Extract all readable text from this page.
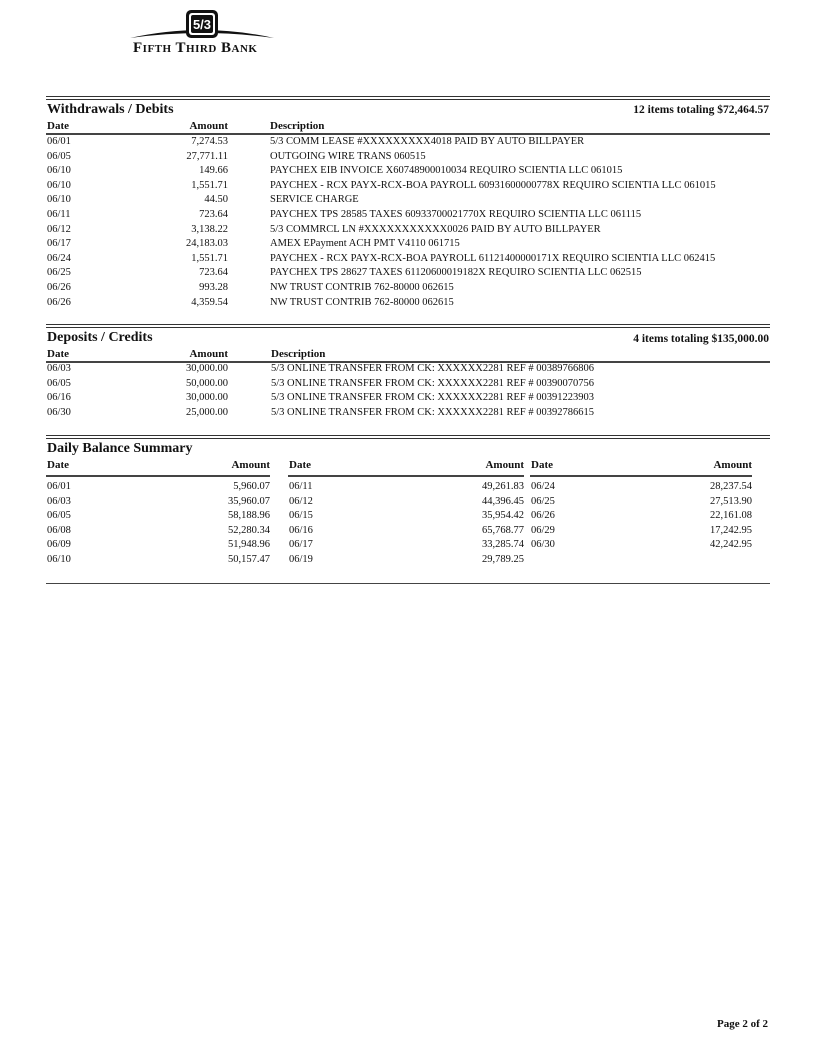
5/3
Fifth Third Bank
Withdrawals / Debits	12 items totaling $72,464.57
Date	Amount	Description
06/01	7,274.53	5/3 COMM LEASE #XXXXXXXXX4018 PAID BY AUTO BILLPAYER
06/05	27,771.11	OUTGOING WIRE TRANS 060515
06/10	149.66	PAYCHEX EIB INVOICE X60748900010034 REQUIRO SCIENTIA LLC 061015
06/10	1,551.71	PAYCHEX - RCX PAYX-RCX-BOA PAYROLL 60931600000778X REQUIRO SCIENTIA LLC 061015
06/10	44.50	SERVICE CHARGE
06/11	723.64	PAYCHEX TPS 28585 TAXES 60933700021770X REQUIRO SCIENTIA LLC 061115
06/12	3,138.22	5/3 COMMRCL LN #XXXXXXXXXXX0026 PAID BY AUTO BILLPAYER
06/17	24,183.03	AMEX EPayment ACH PMT V4110 061715
06/24	1,551.71	PAYCHEX - RCX PAYX-RCX-BOA PAYROLL 61121400000171X REQUIRO SCIENTIA LLC 062415
06/25	723.64	PAYCHEX TPS 28627 TAXES 61120600019182X REQUIRO SCIENTIA LLC 062515
06/26	993.28	NW TRUST CONTRIB 762-80000 062615
06/26	4,359.54	NW TRUST CONTRIB 762-80000 062615
Deposits / Credits	4 items totaling $135,000.00
Date	Amount	Description
06/03	30,000.00	5/3 ONLINE TRANSFER FROM CK: XXXXXX2281 REF # 00389766806
06/05	50,000.00	5/3 ONLINE TRANSFER FROM CK: XXXXXX2281 REF # 00390070756
06/16	30,000.00	5/3 ONLINE TRANSFER FROM CK: XXXXXX2281 REF # 00391223903
06/30	25,000.00	5/3 ONLINE TRANSFER FROM CK: XXXXXX2281 REF # 00392786615
Daily Balance Summary
Date	Amount
06/01	5,960.07
06/03	35,960.07
06/05	58,188.96
06/08	52,280.34
06/09	51,948.96
06/10	50,157.47
Date	Amount
06/11	49,261.83
06/12	44,396.45
06/15	35,954.42
06/16	65,768.77
06/17	33,285.74
06/19	29,789.25
Date	Amount
06/24	28,237.54
06/25	27,513.90
06/26	22,161.08
06/29	17,242.95
06/30	42,242.95
Page 2 of 2
